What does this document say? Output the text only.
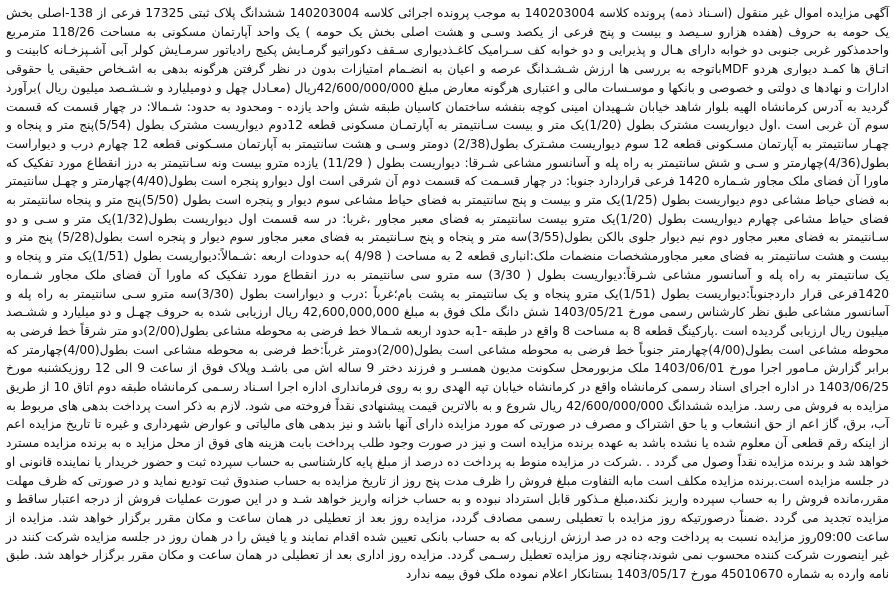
آگهی مزایده اموال غیر منقول (اسـناد ذمه) پرونده کلاسه 140203004 به موجب پرونده اجرائی کلاسه 140203004 ششدانگ پلاک ثبتی 17325 فرعی از 138-اصلی بخش یک حومه به حروف (هفده هزارو سـیصد و بیست و پنج فرعی از یکصد وسـی و هشت اصلی بخش یک حومه ) یک واحد آپارتمان مسکونی به مساحت 118/26 مترمربع واحدمذکور غربی جنوبی دو خوابه دارای هـال و پذیرایی و دو خوابه کف سـرامیک کاغـذدیواری سـقف دکوراتیو گرمـایش پکیج رادیاتور سرمـایش کولر آبی آشـپزخـانه کابینت و اتـاق ها کمـد دیواری هردو MDFباتوجه به بررسی ها ارزش شـشـدانگ عرصه و اعیان به انضـمام امتیازات بدون در نظر گرفتن هرگونه بدهی به اشـخاص حقیقی یا حقوقی ادارات و نهادها ی دولتی و خصوصی و بانکها و موسـسات مالی و اعتباری هرگونه معارض مبلغ 42/600/000/000ریال (معـادل چهل و دومیلیارد و شـشـصد میلیون ریال )برآورد گردید به آدرس کرمانشاه الهیه بلوار شاهد خیابان شـهیدان امینی کوچه بنفشه ساختمان کاسیان طبقه شش واحد یازده - ومحدود به حدود: شـمالا: در چهار قسمت که قسمت سوم آن غربی است .اول دیواریست مشترک بطول (1/20)یک متر و بیست سـانتیمتر به آپارتمـان مسکونی قطعه 12دوم دیواریست مشترک بطول (5/54)پنج متر و پنجاه و چهـار سانتیمتر به آپارتمان مسـکونی قطعه 12 سوم دیواریست مشـترک بطول(2/38) دومتر وسـی و هشت سانتیمتر به آپارتمان مسـکونی قطعه 12 چهارم درب و دیواراست بطول(4/36)چهارمتر و سـی و شش سانتیمتر به راه پله و آسانسور مشاعی شـرقا: دیواریست بطول ( 11/29) یازده مترو بیست ونه سـانتیمتر به درز انقطاع مورد تفکیک که ماورا آن فضای ملک مجاور شـماره 1420 فرعی قراردارد جنوبا: در چهار قسـمت که قسمت دوم آن شرقی است اول دیوارو پنجره است بطول(4/40)چهارمتر و چهـل سانتیمتر به فضای حیاط مشاعی دوم دیواریست بطول (1/25)یک متر و بیست و پنج سانتیمتر به فضای حیاط مشاعی سوم دیوار و پنجره است بطول (5/50)پنج متر و پنجاه سانتیمتر به فضای حیاط مشاعی چهارم دیواریست بطول (1/20)یک مترو بیست سانتیمتر به فضای معبر مجاور ،غربا: در سه قسمت اول دیواریست بطول(1/32)یک متر و سـی و دو سـانتیمتر به فضای معبر مجاور دوم نیم دیوار جلوی بالکن بطول(3/55)سه متر و پنجاه و پنج سـانتیمتر به فضای معبر مجاور سوم دیوار و پنجره است بطول(5/28) پنج متر و بیست و هشت سانتیمتر به فضای معبر مجاورمشخصات منضمات ملک:انباری قطعه 2 به مساحت ( 4/98 )به حدودات اربعه :شـمالاً:دیواریست بطول (1/51)یک متر و پنجاه و یک سانتیمتر به راه پله و آسانسور مشاعی شـرقاً:دیواریست بطول ( 3/30) سه مترو سی سانتیمتر به درز انقطاع مورد تفکیک که ماورا آن فضای ملک مجاور شـماره 1420فرعی قرار داردجنوباً:دیواریست بطول (1/51)یک مترو پنجاه و یک سانتیمتر به پشت بام؛غرباً :درب و دیواراست بطول (3/30)سه مترو سـی سانتیمتر به راه پله و آسانسور مشاعی طبق نظر کارشناس رسمی مورخ 1403/05/21 شش دانگ ملک فوق به مبلغ 42,600,000,000 ریال ارزیابی شده به حروف چهـل و دو میلیارد و ششـصد میلیون ریال ارزیابی گردیده است .پارکینگ قطعه 8 به مساحت 8 واقع در طبقه -1به حدود اربعه شـمالا خط فرضی به محوطه مشاعی بطول(2/00)دو متر شرقاً خط فرضی به محوطه مشاعی است بطول(4/00)چهارمتر جنوباً خط فرضی به محوطه مشاعی است بطول(2/00)دومتر غرباً:خط فرضی به محوطه مشاعی است بطول(4/00)چهارمتر که برابر گزارش مـامور اجرا مورخ 1403/06/01 ملک مزبورمحل سکونت مدیون همسـر و فرزند دختر 9 ساله اش می باشـد وپلاک فوق از ساعت 9 الی 12 روزیکشنبه مورخ 1403/06/25 در اداره اجرای اسناد رسمی کرمانشاه واقع در کرمانشاه خیابان تپه الهدی رو به روی فرمانداری اداره اجرا اسـناد رسـمی کرمانشاه طبقه دوم اتاق 10 از طریق مزایده به فروش می رسد. مزایده ششدانگ 42/600/000/000 ریال شروع و به بالاترین قیمت پیشنهادی نقداً فروخته می شود. لازم به ذکر است پرداخت بدهی های مربوط به آب، برق، گاز اعم از حق انشعاب و یا حق اشتراک و مصرف در صورتی که مورد مزایده دارای آنها باشد و نیز بدهی های مالیاتی و عوارض شهرداری و غیره تا تاریخ مزایده اعم از اینکه رقم قطعی آن معلوم شده یا نشده باشد به عهده برنده مزایده است و نیز در صورت وجود طلب پرداخت بابت هزینه های فوق از محل مزاید ه به برنده مزایده مسترد خواهد شد و برنده مزایده نقداً وصول می گردد . .شرکت در مزایده منوط به پرداخت ده درصد از مبلغ پایه کارشناسی به حساب سپرده ثبت و حضور خریدار یا نماینده قانونی او در جلسه مزایده است.برنده مزایده مکلف است مابه التفاوت مبلغ فروش را ظرف مدت پنج روز از تاریخ مزایده به حساب صندوق ثبت تودیع نماید و در صورتی که ظرف مهلت مقرر،مانده فروش را به حساب سپرده واریز نکند،مبلغ مـذکور قابل استرداد نبوده و به حساب خزانه واریز خواهد شـد و در این صورت عملیات فروش از درجه اعتبار ساقط و مزایده تجدید می گردد .ضمناً درصورتیکه روز مزایده با تعطیلی رسمی مصادف گردد، مزایده روز بعد از تعطیلی در همان ساعت و مکان مقرر برگزار خواهد شد. مزایده از ساعت 09:00روز مزایده نسبت به پرداخت وجه ده در صد ارزش ارزیابی که به حساب بانکی تعیین شده اقدام نمایند و یا فیش را در همان روز در جلسه مزایده شرکت کنند در غیر اینصورت شرکت کننده محسوب نمی شوند،چنانچه روز مزایده تعطیل رسـمی گردد. مزایده روز اداری بعد از تعطیلی در همان ساعت و مکان مقرر برگزار خواهد شد. طبق نامه وارده به شماره 45010670 مورخ 1403/05/17 بستانکار اعلام نموده ملک فوق بیمه ندارد
